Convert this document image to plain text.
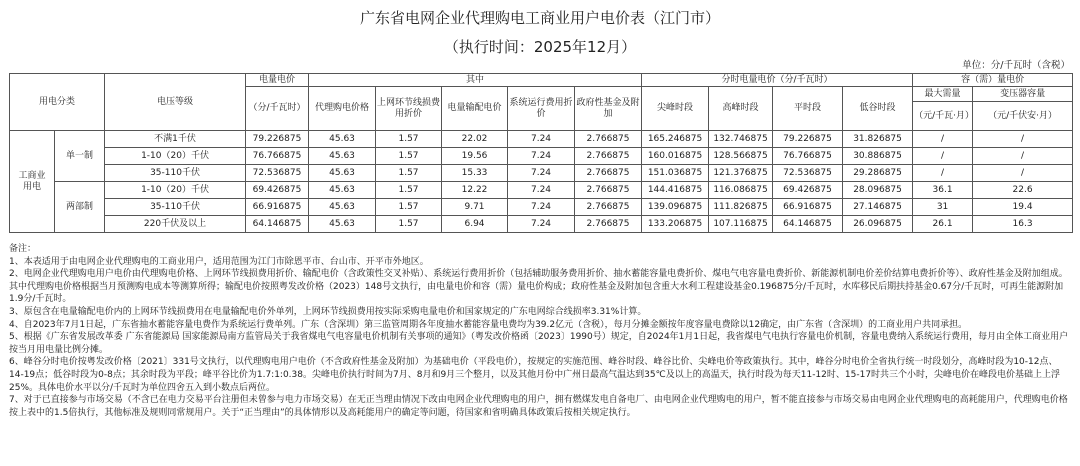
广东省电网企业代理购电工商业用户电价表（江门市）
（执行时间：2025年12月）
单位：分/千瓦时（含税）
用电分类		电压等级	电量电价	其中					分时电量电价（分/千瓦时）				容（需）量电价	
			（分/千瓦时）	代理购电价格	上网环节线损费用折价	电量输配电价	系统运行费用折价	政府性基金及附加	尖峰时段	高峰时段	平时段	低谷时段	最大需量	变压器容量
													（元/千瓦·月）	（元/千伏安·月）
工商业用电	单一制	不满1千伏	79.226875	45.63	1.57	22.02	7.24	2.766875	165.246875	132.746875	79.226875	31.826875	/	/
		1-10（20）千伏	76.766875	45.63	1.57	19.56	7.24	2.766875	160.016875	128.566875	76.766875	30.886875	/	/
		35-110千伏	72.536875	45.63	1.57	15.33	7.24	2.766875	151.036875	121.376875	72.536875	29.286875	/	/
	两部制	1-10（20）千伏	69.426875	45.63	1.57	12.22	7.24	2.766875	144.416875	116.086875	69.426875	28.096875	36.1	22.6
		35-110千伏	66.916875	45.63	1.57	9.71	7.24	2.766875	139.096875	111.826875	66.916875	27.146875	31	19.4
		220千伏及以上	64.146875	45.63	1.57	6.94	7.24	2.766875	133.206875	107.116875	64.146875	26.096875	26.1	16.3

备注：

1、本表适用于由电网企业代理购电的工商业用户，适用范围为江门市除恩平市、台山市、开平市外地区。

2、电网企业代理购电用户电价由代理购电价格、上网环节线损费用折价、输配电价（含政策性交叉补贴）、系统运行费用折价（包括辅助服务费用折价、抽水蓄能容量电费折价、煤电气电容量电费折价、新能源机制电价差价结算电费折价等）、政府性基金及附加组成。其中代理购电价格根据当月预测购电成本等测算所得；输配电价按照粤发改价格（2023）148号文执行，由电量电价和容（需）量电价构成；政府性基金及附加包含重大水利工程建设基金0.196875分/千瓦时，水库移民后期扶持基金0.67分/千瓦时，可再生能源附加1.9分/千瓦时。

3、原包含在电量输配电价内的上网环节线损费用在电量输配电价外单列，上网环节线损费用按实际采购电量电价和国家规定的广东电网综合线损率3.31%计算。

4、自2023年7月1日起，广东省抽水蓄能容量电费作为系统运行费单列。广东（含深圳）第三监管周期各年度抽水蓄能容量电费均为39.2亿元（含税），每月分摊金额按年度容量电费除以12确定，由广东省（含深圳）的工商业用户共同承担。

5、根据《广东省发展改革委 广东省能源局 国家能源局南方监管局关于我省煤电气电容量电价机制有关事项的通知》（粤发改价格函〔2023〕1990号）规定，自2024年1月1日起，我省煤电气电执行容量电价机制，容量电费纳入系统运行费用，每月由全体工商业用户按当月用电量比例分摊。

6、峰谷分时电价按粤发改价格〔2021〕331号文执行，以代理购电用户电价（不含政府性基金及附加）为基础电价（平段电价），按规定的实施范围、峰谷时段、峰谷比价、尖峰电价等政策执行。其中，峰谷分时电价全省执行统一时段划分，高峰时段为10-12点、14-19点；低谷时段为0-8点；其余时段为平段；峰平谷比价为1.7:1:0.38。尖峰电价执行时间为7月、8月和9月三个整月，以及其他月份中广州日最高气温达到35℃及以上的高温天，执行时段为每天11-12时、15-17时共三个小时，尖峰电价在峰段电价基础上上浮25%。具体电价水平以分/千瓦时为单位四舍五入到小数点后两位。

7、对于已直接参与市场交易（不含已在电力交易平台注册但未曾参与电力市场交易）在无正当理由情况下改由电网企业代理购电的用户，拥有燃煤发电自备电厂、由电网企业代理购电的用户，暂不能直接参与市场交易由电网企业代理购电的高耗能用户，代理购电价格按上表中的1.5倍执行，其他标准及规则同常规用户。关于“正当理由”的具体情形以及高耗能用户的确定等问题，待国家和省明确具体政策后按相关规定执行。
